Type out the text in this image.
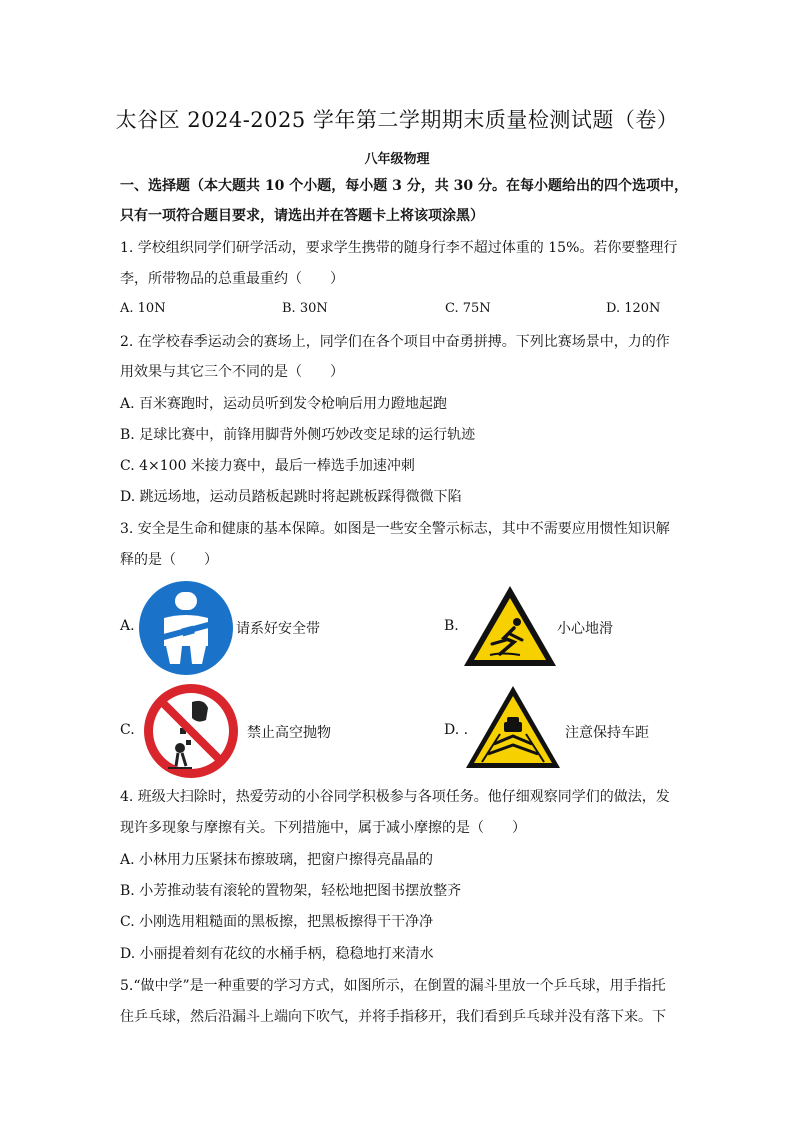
太谷区 2024-2025 学年第二学期期末质量检测试题（卷）
八年级物理
一、选择题（本大题共 10 个小题，每小题 3 分，共 30 分。在每小题给出的四个选项中，
只有一项符合题目要求，请选出并在答题卡上将该项涂黑）
1. 学校组织同学们研学活动，要求学生携带的随身行李不超过体重的 15%。若你要整理行
李，所带物品的总重最重约（　　）
A. 10N	B. 30N	C. 75N	D. 120N
2. 在学校春季运动会的赛场上，同学们在各个项目中奋勇拼搏。下列比赛场景中，力的作
用效果与其它三个不同的是（　　）
A. 百米赛跑时，运动员听到发令枪响后用力蹬地起跑
B. 足球比赛中，前锋用脚背外侧巧妙改变足球的运行轨迹
C. 4×100 米接力赛中，最后一棒选手加速冲刺
D. 跳远场地，运动员踏板起跳时将起跳板踩得微微下陷
3. 安全是生命和健康的基本保障。如图是一些安全警示标志，其中不需要应用惯性知识解
释的是（　　）
A.	请系好安全带	B.	小心地滑
C.	禁止高空抛物	D. .	注意保持车距
4. 班级大扫除时，热爱劳动的小谷同学积极参与各项任务。他仔细观察同学们的做法，发
现许多现象与摩擦有关。下列措施中，属于减小摩擦的是（　　）
A. 小林用力压紧抹布擦玻璃，把窗户擦得亮晶晶的
B. 小芳推动装有滚轮的置物架，轻松地把图书摆放整齐
C. 小刚选用粗糙面的黑板擦，把黑板擦得干干净净
D. 小丽提着刻有花纹的水桶手柄，稳稳地打来清水
5.“做中学”是一种重要的学习方式，如图所示，在倒置的漏斗里放一个乒乓球，用手指托
住乒乓球，然后沿漏斗上端向下吹气，并将手指移开，我们看到乒乓球并没有落下来。下
